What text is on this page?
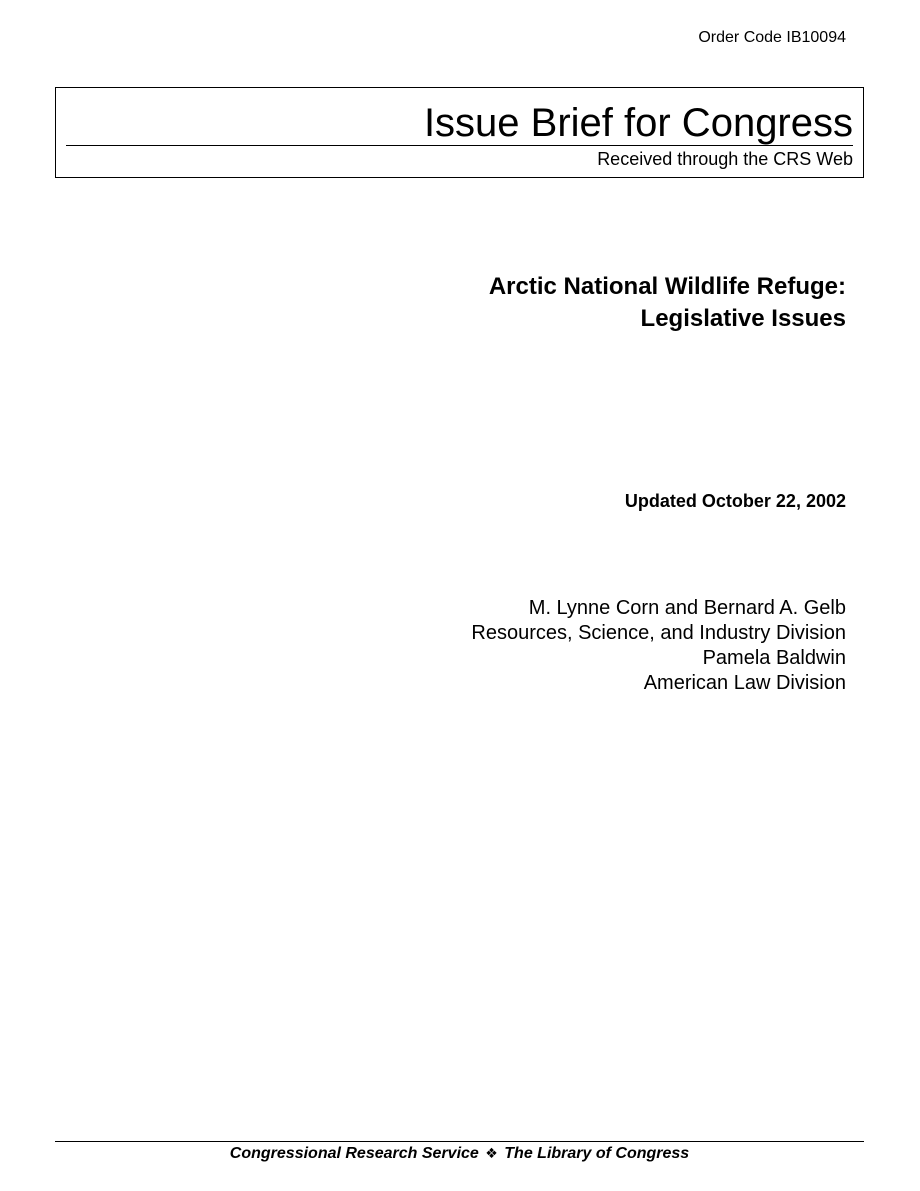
Order Code IB10094
Issue Brief for Congress
Received through the CRS Web
Arctic National Wildlife Refuge:
Legislative Issues
Updated October 22, 2002
M. Lynne Corn and Bernard A. Gelb
Resources, Science, and Industry Division
Pamela Baldwin
American Law Division
Congressional Research Service ❖ The Library of Congress
